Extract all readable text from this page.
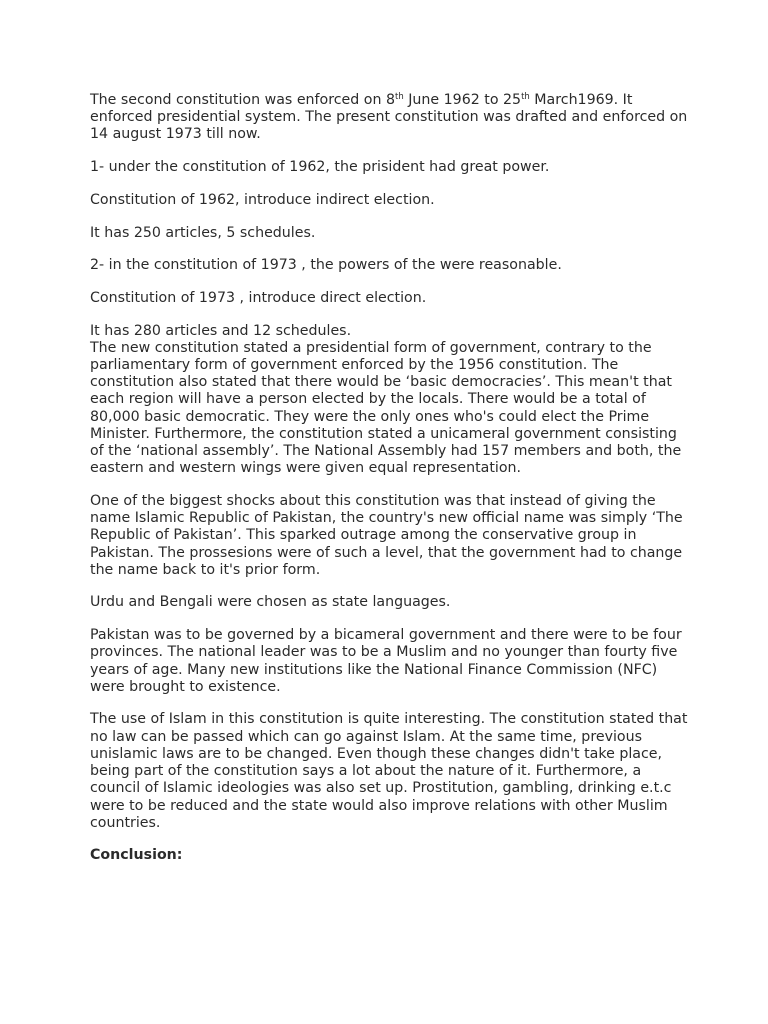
The second constitution was enforced on 8th June 1962 to 25th March1969. It enforced presidential system. The present constitution was drafted and enforced on 14 august 1973 till now.

1- under the constitution of 1962, the prisident had great power.

Constitution of 1962, introduce indirect election.

It has 250 articles, 5 schedules.

2- in the constitution of 1973 , the powers of the were reasonable.

Constitution of 1973 , introduce direct election.

It has 280 articles and 12 schedules.

The new constitution stated a presidential form of government, contrary to the parliamentary form of government enforced by the 1956 constitution. The constitution also stated that there would be ‘basic democracies’. This mean't that each region will have a person elected by the locals. There would be a total of 80,000 basic democratic. They were the only ones who's could elect the Prime Minister. Furthermore, the constitution stated a unicameral government consisting of the ‘national assembly’. The National Assembly had 157 members and both, the eastern and western wings were given equal representation.

One of the biggest shocks about this constitution was that instead of giving the name Islamic Republic of Pakistan, the country's new official name was simply ‘The Republic of Pakistan’. This sparked outrage among the conservative group in Pakistan. The prossesions were of such a level, that the government had to change the name back to it's prior form.

Urdu and Bengali were chosen as state languages.

Pakistan was to be governed by a bicameral government and there were to be four provinces. The national leader was to be a Muslim and no younger than fourty five years of age. Many new institutions like the National Finance Commission (NFC) were brought to existence.

The use of Islam in this constitution is quite interesting. The constitution stated that no law can be passed which can go against Islam. At the same time, previous unislamic laws are to be changed. Even though these changes didn't take place, being part of the constitution says a lot about the nature of it. Furthermore, a council of Islamic ideologies was also set up. Prostitution, gambling, drinking e.t.c were to be reduced and the state would also improve relations with other Muslim countries.

Conclusion:
